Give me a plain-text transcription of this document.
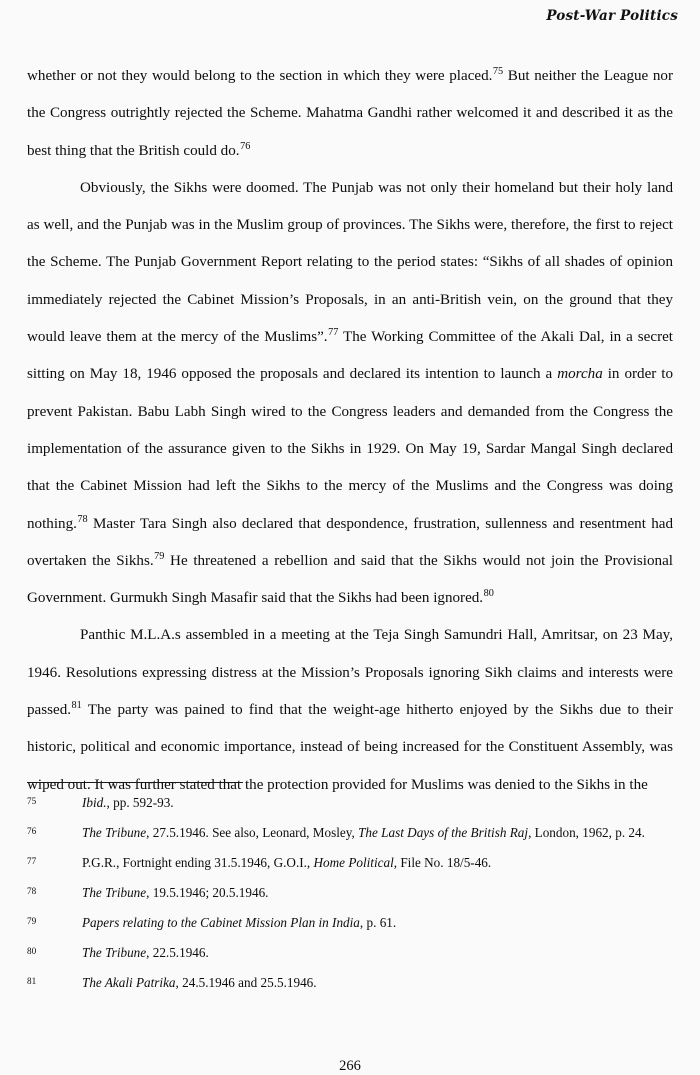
Post-War Politics

whether or not they would belong to the section in which they were placed.$^{75}$ But neither the League nor the Congress outrightly rejected the Scheme. Mahatma Gandhi rather welcomed it and described it as the best thing that the British could do.$^{76}$

Obviously, the Sikhs were doomed. The Punjab was not only their homeland but their holy land as well, and the Punjab was in the Muslim group of provinces. The Sikhs were, therefore, the first to reject the Scheme. The Punjab Government Report relating to the period states: “Sikhs of all shades of opinion immediately rejected the Cabinet Mission’s Proposals, in an anti-British vein, on the ground that they would leave them at the mercy of the Muslims”.$^{77}$ The Working Committee of the Akali Dal, in a secret sitting on May 18, 1946 opposed the proposals and declared its intention to launch a morcha in order to prevent Pakistan. Babu Labh Singh wired to the Congress leaders and demanded from the Congress the implementation of the assurance given to the Sikhs in 1929. On May 19, Sardar Mangal Singh declared that the Cabinet Mission had left the Sikhs to the mercy of the Muslims and the Congress was doing nothing.$^{78}$ Master Tara Singh also declared that despondence, frustration, sullenness and resentment had overtaken the Sikhs.$^{79}$ He threatened a rebellion and said that the Sikhs would not join the Provisional Government. Gurmukh Singh Masafir said that the Sikhs had been ignored.$^{80}$

Panthic M.L.A.s assembled in a meeting at the Teja Singh Samundri Hall, Amritsar, on 23 May, 1946. Resolutions expressing distress at the Mission’s Proposals ignoring Sikh claims and interests were passed.$^{81}$ The party was pained to find that the weight-age hitherto enjoyed by the Sikhs due to their historic, political and economic importance, instead of being increased for the Constituent Assembly, was wiped out. It was further stated that the protection provided for Muslims was denied to the Sikhs in the

75	Ibid., pp. 592-93.
76	The Tribune, 27.5.1946. See also, Leonard, Mosley, The Last Days of the British Raj, London, 1962, p. 24.
77	P.G.R., Fortnight ending 31.5.1946, G.O.I., Home Political, File No. 18/5-46.
78	The Tribune, 19.5.1946; 20.5.1946.
79	Papers relating to the Cabinet Mission Plan in India, p. 61.
80	The Tribune, 22.5.1946.
81	The Akali Patrika, 24.5.1946 and 25.5.1946.
266
